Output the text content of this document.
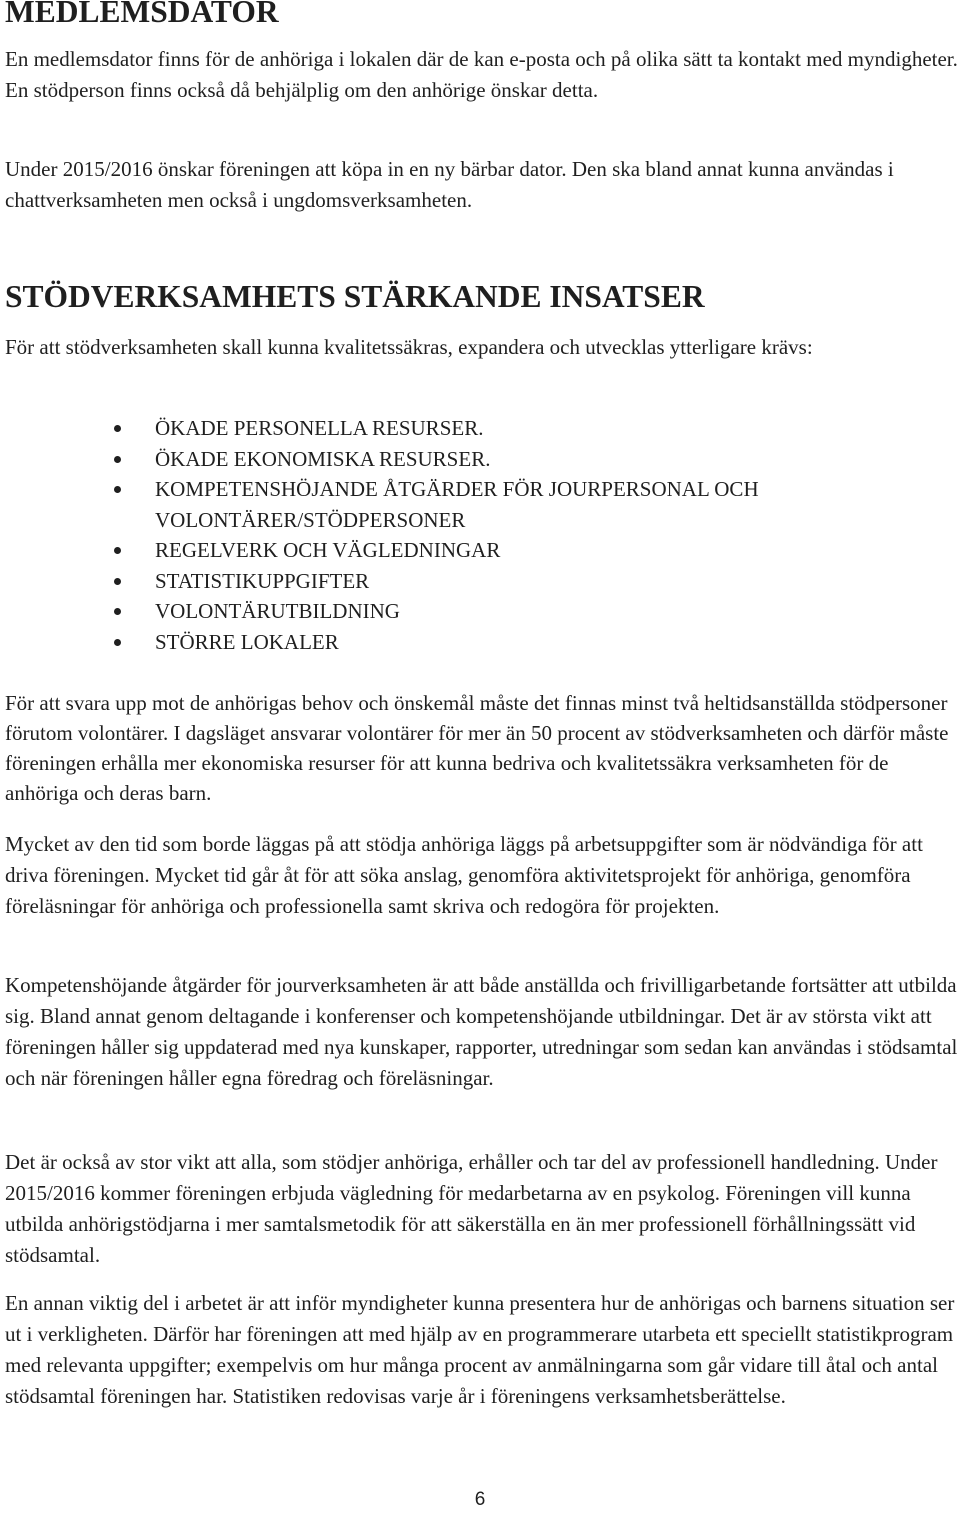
MEDLEMSDATOR

En medlemsdator finns för de anhöriga i lokalen där de kan e-posta och på olika sätt ta kontakt med myndigheter. En stödperson finns också då behjälplig om den anhörige önskar detta.

Under 2015/2016 önskar föreningen att köpa in en ny bärbar dator. Den ska bland annat kunna användas i chattverksamheten men också i ungdomsverksamheten.

STÖDVERKSAMHETS STÄRKANDE INSATSER

För att stödverksamheten skall kunna kvalitetssäkras, expandera och utvecklas ytterligare krävs:

ÖKADE PERSONELLA RESURSER.
ÖKADE EKONOMISKA RESURSER.
KOMPETENSHÖJANDE ÅTGÄRDER FÖR JOURPERSONAL OCH VOLONTÄRER/STÖDPERSONER
REGELVERK OCH VÄGLEDNINGAR
STATISTIKUPPGIFTER
VOLONTÄRUTBILDNING
STÖRRE LOKALER

För att svara upp mot de anhörigas behov och önskemål måste det finnas minst två heltidsanställda stödpersoner förutom volontärer. I dagsläget ansvarar volontärer för mer än 50 procent av stödverksamheten och därför måste föreningen erhålla mer ekonomiska resurser för att kunna bedriva och kvalitetssäkra verksamheten för de anhöriga och deras barn.

Mycket av den tid som borde läggas på att stödja anhöriga läggs på arbetsuppgifter som är nödvändiga för att driva föreningen. Mycket tid går åt för att söka anslag, genomföra aktivitetsprojekt för anhöriga, genomföra föreläsningar för anhöriga och professionella samt skriva och redogöra för projekten.

Kompetenshöjande åtgärder för jourverksamheten är att både anställda och frivilligarbetande fortsätter att utbilda sig. Bland annat genom deltagande i konferenser och kompetenshöjande utbildningar. Det är av största vikt att föreningen håller sig uppdaterad med nya kunskaper, rapporter, utredningar som sedan kan användas i stödsamtal och när föreningen håller egna föredrag och föreläsningar.

Det är också av stor vikt att alla, som stödjer anhöriga, erhåller och tar del av professionell handledning. Under 2015/2016 kommer föreningen erbjuda vägledning för medarbetarna av en psykolog. Föreningen vill kunna utbilda anhörigstödjarna i mer samtalsmetodik för att säkerställa en än mer professionell förhållningssätt vid stödsamtal.

En annan viktig del i arbetet är att inför myndigheter kunna presentera hur de anhörigas och barnens situation ser ut i verkligheten. Därför har föreningen att med hjälp av en programmerare utarbeta ett speciellt statistikprogram med relevanta uppgifter; exempelvis om hur många procent av anmälningarna som går vidare till åtal och antal stödsamtal föreningen har. Statistiken redovisas varje år i föreningens verksamhetsberättelse.

6
